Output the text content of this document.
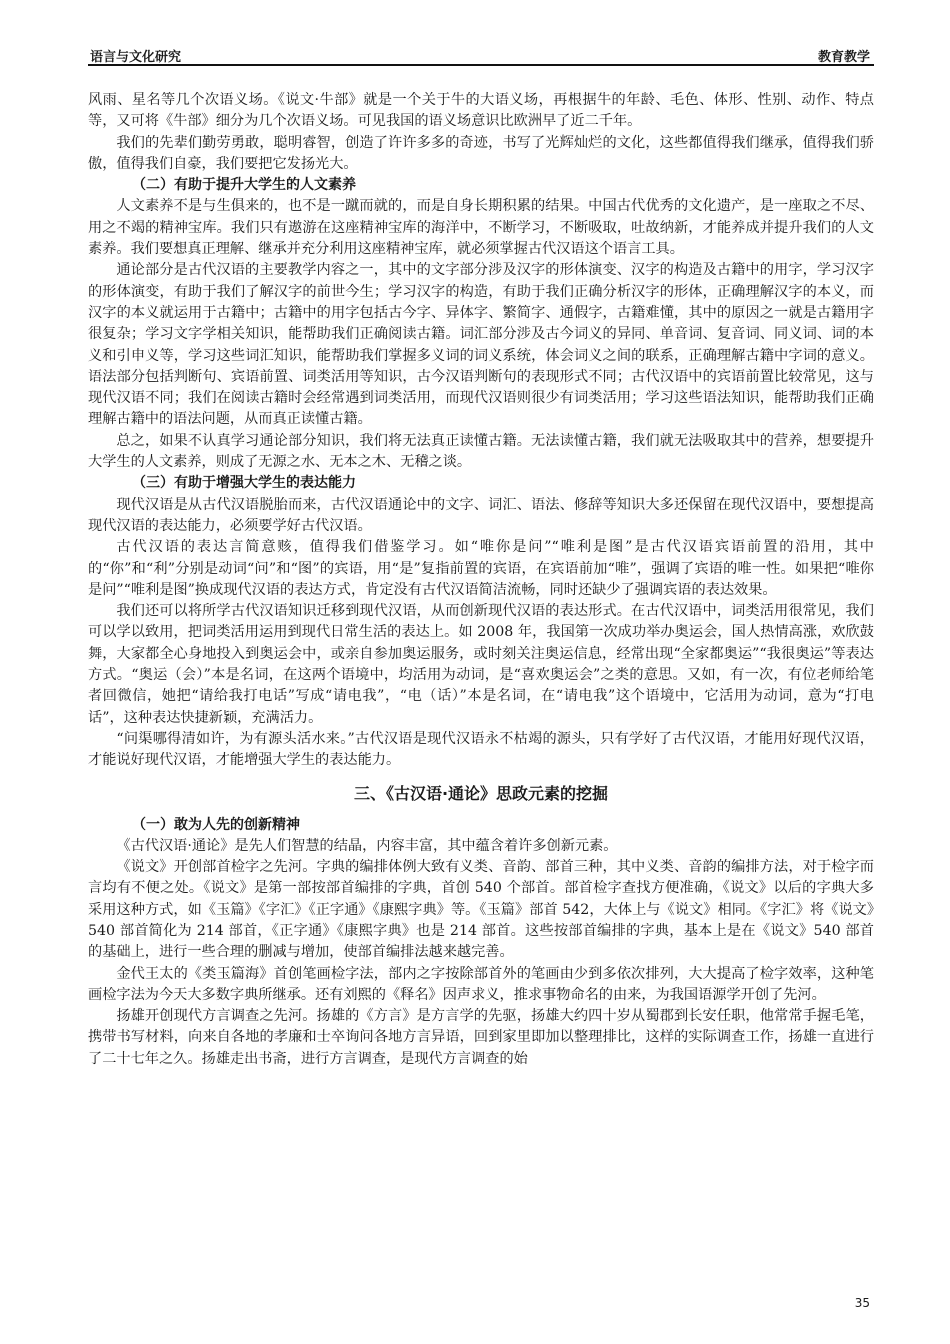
语言与文化研究	教育教学

风雨、星名等几个次语义场。《说文·牛部》就是一个关于牛的大语义场，再根据牛的年龄、毛色、体形、性别、动作、特点等，又可将《牛部》细分为几个次语义场。可见我国的语义场意识比欧洲早了近二千年。

我们的先辈们勤劳勇敢，聪明睿智，创造了许许多多的奇迹，书写了光辉灿烂的文化，这些都值得我们继承，值得我们骄傲，值得我们自豪，我们要把它发扬光大。

（二）有助于提升大学生的人文素养

人文素养不是与生俱来的，也不是一蹴而就的，而是自身长期积累的结果。中国古代优秀的文化遗产，是一座取之不尽、用之不竭的精神宝库。我们只有遨游在这座精神宝库的海洋中，不断学习，不断吸取，吐故纳新，才能养成并提升我们的人文素养。我们要想真正理解、继承并充分利用这座精神宝库，就必须掌握古代汉语这个语言工具。

通论部分是古代汉语的主要教学内容之一，其中的文字部分涉及汉字的形体演变、汉字的构造及古籍中的用字，学习汉字的形体演变，有助于我们了解汉字的前世今生；学习汉字的构造，有助于我们正确分析汉字的形体，正确理解汉字的本义，而汉字的本义就运用于古籍中；古籍中的用字包括古今字、异体字、繁简字、通假字，古籍难懂，其中的原因之一就是古籍用字很复杂；学习文字学相关知识，能帮助我们正确阅读古籍。词汇部分涉及古今词义的异同、单音词、复音词、同义词、词的本义和引申义等，学习这些词汇知识，能帮助我们掌握多义词的词义系统，体会词义之间的联系，正确理解古籍中字词的意义。语法部分包括判断句、宾语前置、词类活用等知识，古今汉语判断句的表现形式不同；古代汉语中的宾语前置比较常见，这与现代汉语不同；我们在阅读古籍时会经常遇到词类活用，而现代汉语则很少有词类活用；学习这些语法知识，能帮助我们正确理解古籍中的语法问题，从而真正读懂古籍。

总之，如果不认真学习通论部分知识，我们将无法真正读懂古籍。无法读懂古籍，我们就无法吸取其中的营养，想要提升大学生的人文素养，则成了无源之水、无本之木、无稽之谈。

（三）有助于增强大学生的表达能力

现代汉语是从古代汉语脱胎而来，古代汉语通论中的文字、词汇、语法、修辞等知识大多还保留在现代汉语中，要想提高现代汉语的表达能力，必须要学好古代汉语。

古代汉语的表达言简意赅，值得我们借鉴学习。如“唯你是问”“唯利是图”是古代汉语宾语前置的沿用，其中的“你”和“利”分别是动词“问”和“图”的宾语，用“是”复指前置的宾语，在宾语前加“唯”，强调了宾语的唯一性。如果把“唯你是问”“唯利是图”换成现代汉语的表达方式，肯定没有古代汉语简洁流畅，同时还缺少了强调宾语的表达效果。

我们还可以将所学古代汉语知识迁移到现代汉语，从而创新现代汉语的表达形式。在古代汉语中，词类活用很常见，我们可以学以致用，把词类活用运用到现代日常生活的表达上。如 2008 年，我国第一次成功举办奥运会，国人热情高涨，欢欣鼓舞，大家都全心身地投入到奥运会中，或亲自参加奥运服务，或时刻关注奥运信息，经常出现“全家都奥运”“我很奥运”等表达方式。“奥运（会）”本是名词，在这两个语境中，均活用为动词，是“喜欢奥运会”之类的意思。又如，有一次，有位老师给笔者回微信，她把“请给我打电话”写成“请电我”，“电（话）”本是名词，在“请电我”这个语境中，它活用为动词，意为“打电话”，这种表达快捷新颖，充满活力。

“问渠哪得清如许，为有源头活水来。”古代汉语是现代汉语永不枯竭的源头，只有学好了古代汉语，才能用好现代汉语，才能说好现代汉语，才能增强大学生的表达能力。

三、《古汉语·通论》思政元素的挖掘
（一）敢为人先的创新精神

《古代汉语·通论》是先人们智慧的结晶，内容丰富，其中蕴含着许多创新元素。

《说文》开创部首检字之先河。字典的编排体例大致有义类、音韵、部首三种，其中义类、音韵的编排方法，对于检字而言均有不便之处。《说文》是第一部按部首编排的字典，首创 540 个部首。部首检字查找方便准确，《说文》以后的字典大多采用这种方式，如《玉篇》《字汇》《正字通》《康熙字典》等。《玉篇》部首 542，大体上与《说文》相同。《字汇》将《说文》540 部首简化为 214 部首，《正字通》《康熙字典》也是 214 部首。这些按部首编排的字典，基本上是在《说文》540 部首的基础上，进行一些合理的删减与增加，使部首编排法越来越完善。

金代王太的《类玉篇海》首创笔画检字法，部内之字按除部首外的笔画由少到多依次排列，大大提高了检字效率，这种笔画检字法为今天大多数字典所继承。还有刘熙的《释名》因声求义，推求事物命名的由来，为我国语源学开创了先河。

扬雄开创现代方言调查之先河。扬雄的《方言》是方言学的先驱，扬雄大约四十岁从蜀郡到长安任职，他常常手握毛笔，携带书写材料，向来自各地的孝廉和士卒询问各地方言异语，回到家里即加以整理排比，这样的实际调查工作，扬雄一直进行了二十七年之久。扬雄走出书斋，进行方言调查，是现代方言调查的始

35
